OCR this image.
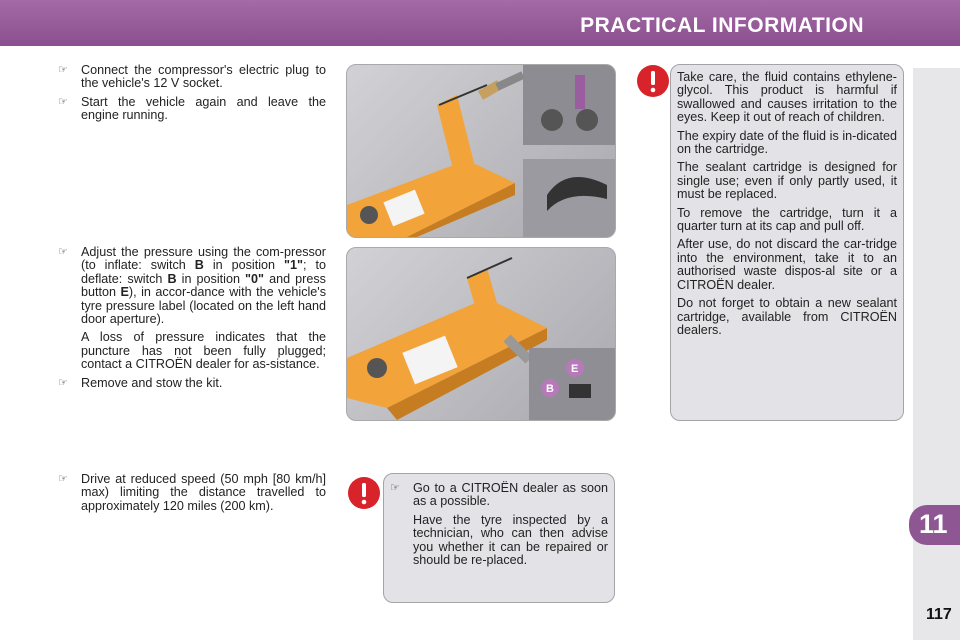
PRACTICAL INFORMATION
11
117
☞ Connect the compressor's electric plug to the vehicle's 12 V socket.
☞ Start the vehicle again and leave the engine running.
☞ Adjust the pressure using the com-pressor (to inflate: switch B in position "1"; to deflate: switch B in position "0" and press button E), in accor-dance with the vehicle's tyre pressure label (located on the left hand door aperture).
A loss of pressure indicates that the puncture has not been fully plugged; contact a CITROËN dealer for as-sistance.
☞ Remove and stow the kit.
☞ Drive at reduced speed (50 mph [80 km/h] max) limiting the distance travelled to approximately 120 miles (200 km).
E
B

Take care, the fluid contains ethylene-glycol. This product is harmful if swallowed and causes irritation to the eyes. Keep it out of reach of children.

The expiry date of the fluid is in-dicated on the cartridge.

The sealant cartridge is designed for single use; even if only partly used, it must be replaced.

To remove the cartridge, turn it a quarter turn at its cap and pull off.

After use, do not discard the car-tridge into the environment, take it to an authorised waste dispos-al site or a CITROËN dealer.

Do not forget to obtain a new sealant cartridge, available from CITROËN dealers.

☞ Go to a CITROËN dealer as soon as a possible.
Have the tyre inspected by a technician, who can then advise you whether it can be repaired or should be re-placed.
